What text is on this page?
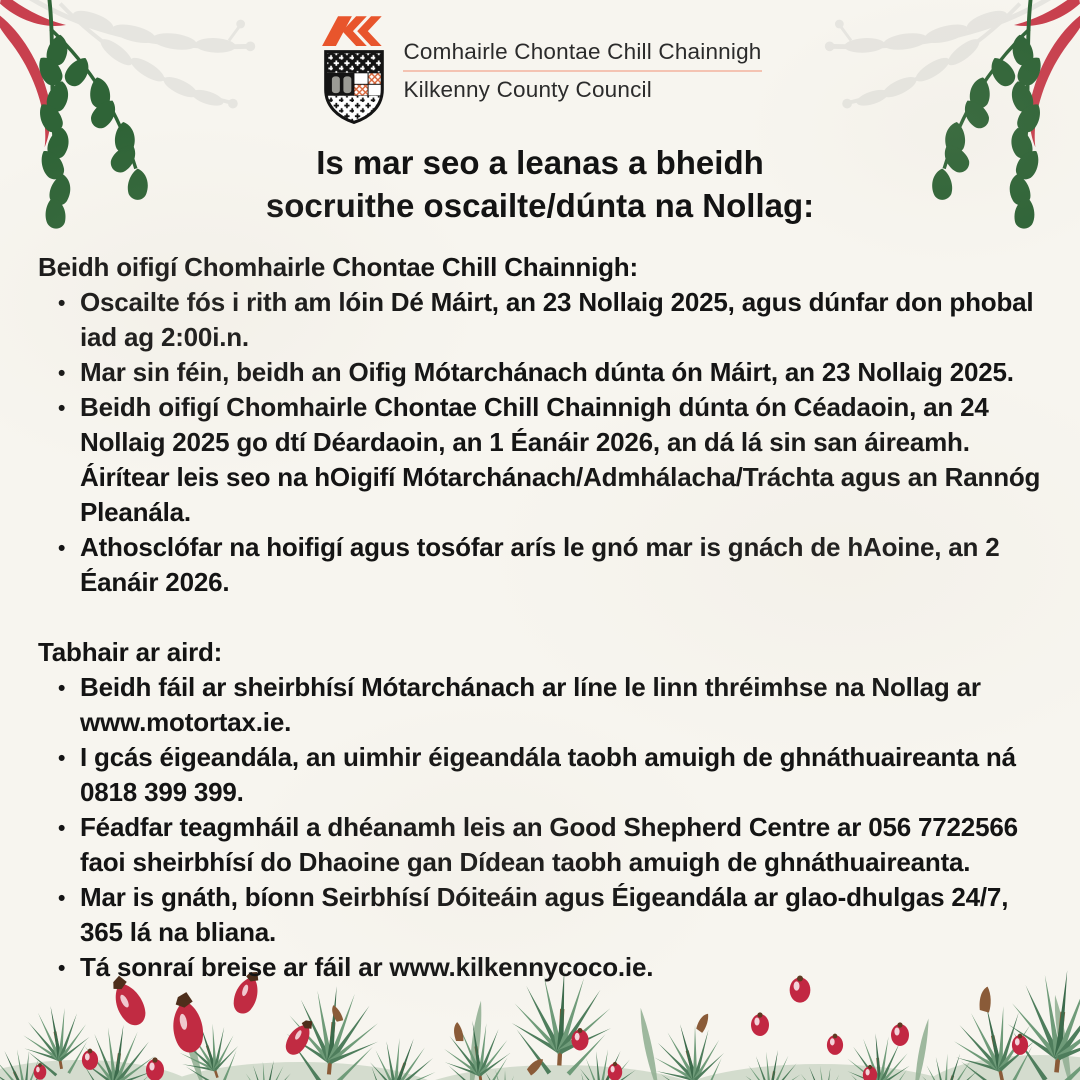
Comhairle Chontae Chill Chainnigh
Kilkenny County Council
Is mar seo a leanas a bheidh
socruithe oscailte/dúnta na Nollag:

Beidh oifigí Chomhairle Chontae Chill Chainnigh:

• Oscailte fós i rith am lóin Dé Máirt, an 23 Nollaig 2025, agus dúnfar don phobal iad ag 2:00i.n.
• Mar sin féin, beidh an Oifig Mótarchánach dúnta ón Máirt, an 23 Nollaig 2025.
• Beidh oifigí Chomhairle Chontae Chill Chainnigh dúnta ón Céadaoin, an 24 Nollaig 2025 go dtí Déardaoin, an 1 Éanáir 2026, an dá lá sin san áireamh. Áirítear leis seo na hOigifí Mótarchánach/Admhálacha/Tráchta agus an Rannóg Pleanála.
• Athosclófar na hoifigí agus tosófar arís le gnó mar is gnách de hAoine, an 2 Éanáir 2026.

Tabhair ar aird:

• Beidh fáil ar sheirbhísí Mótarchánach ar líne le linn thréimhse na Nollag ar www.motortax.ie.
• I gcás éigeandála, an uimhir éigeandála taobh amuigh de ghnáthuaireanta ná 0818 399 399.
• Féadfar teagmháil a dhéanamh leis an Good Shepherd Centre ar 056 7722566 faoi sheirbhísí do Dhaoine gan Dídean taobh amuigh de ghnáthuaireanta.
• Mar is gnáth, bíonn Seirbhísí Dóiteáin agus Éigeandála ar glao-dhulgas 24/7, 365 lá na bliana.
• Tá sonraí breise ar fáil ar www.kilkennycoco.ie.
